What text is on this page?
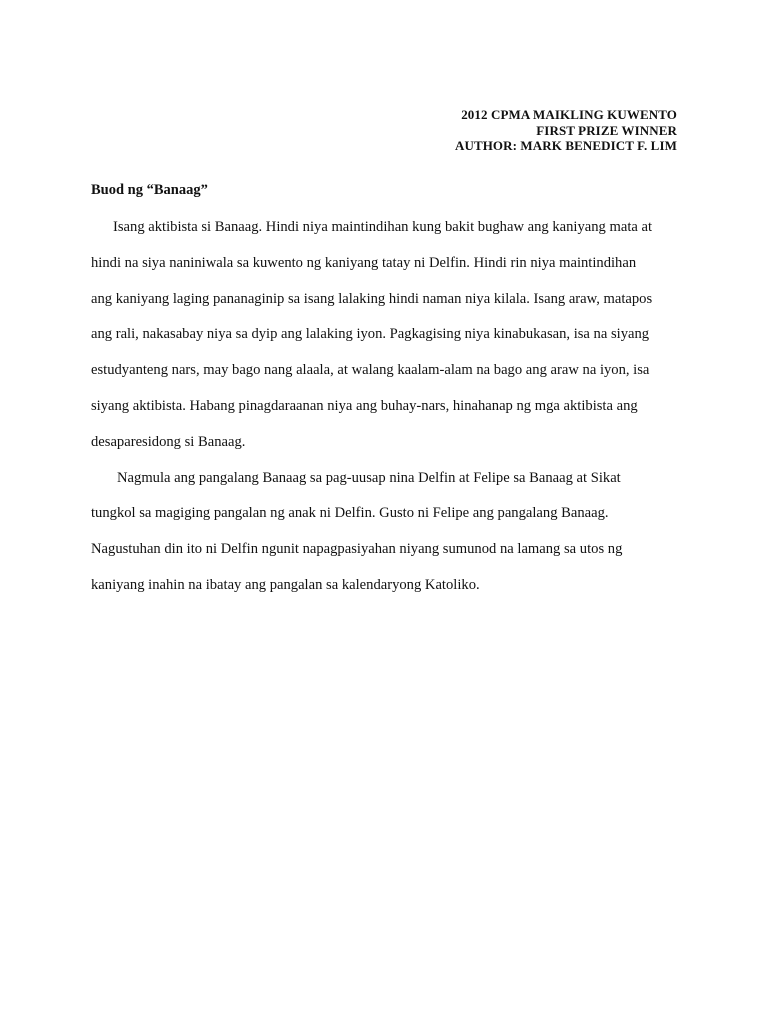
2012 CPMA MAIKLING KUWENTO
FIRST PRIZE WINNER
AUTHOR: MARK BENEDICT F. LIM
Buod ng “Banaag”
Isang aktibista si Banaag. Hindi niya maintindihan kung bakit bughaw ang kaniyang mata at
hindi na siya naniniwala sa kuwento ng kaniyang tatay ni Delfin. Hindi rin niya maintindihan
ang kaniyang laging pananaginip sa isang lalaking hindi naman niya kilala. Isang araw, matapos
ang rali, nakasabay niya sa dyip ang lalaking iyon. Pagkagising niya kinabukasan, isa na siyang
estudyanteng nars, may bago nang alaala, at walang kaalam-alam na bago ang araw na iyon, isa
siyang aktibista. Habang pinagdaraanan niya ang buhay-nars, hinahanap ng mga aktibista ang
desaparesidong si Banaag.
Nagmula ang pangalang Banaag sa pag-uusap nina Delfin at Felipe sa Banaag at Sikat
tungkol sa magiging pangalan ng anak ni Delfin. Gusto ni Felipe ang pangalang Banaag.
Nagustuhan din ito ni Delfin ngunit napagpasiyahan niyang sumunod na lamang sa utos ng
kaniyang inahin na ibatay ang pangalan sa kalendaryong Katoliko.
